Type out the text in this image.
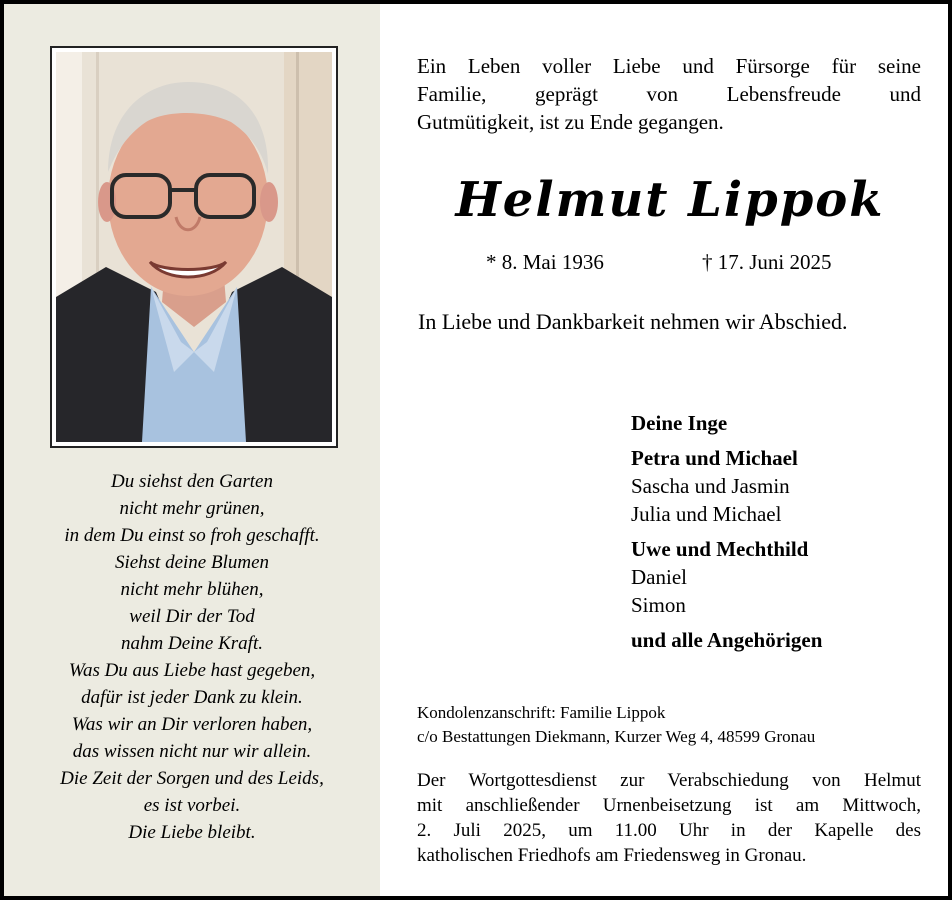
Du siehst den Garten
nicht mehr grünen,
in dem Du einst so froh geschafft.
Siehst deine Blumen
nicht mehr blühen,
weil Dir der Tod
nahm Deine Kraft.
Was Du aus Liebe hast gegeben,
dafür ist jeder Dank zu klein.
Was wir an Dir verloren haben,
das wissen nicht nur wir allein.
Die Zeit der Sorgen und des Leids,
es ist vorbei.
Die Liebe bleibt.
Ein Leben voller Liebe und Fürsorge für seine
Familie, geprägt von Lebensfreude und
Gutmütigkeit, ist zu Ende gegangen.
Helmut Lippok
* 8. Mai 1936	† 17. Juni 2025
In Liebe und Dankbarkeit nehmen wir Abschied.
Deine Inge
Petra und Michael
Sascha und Jasmin
Julia und Michael
Uwe und Mechthild
Daniel
Simon
und alle Angehörigen
Kondolenzanschrift: Familie Lippok
c/o Bestattungen Diekmann, Kurzer Weg 4, 48599 Gronau
Der Wortgottesdienst zur Verabschiedung von Helmut
mit anschließender Urnenbeisetzung ist am Mittwoch,
2. Juli 2025, um 11.00 Uhr in der Kapelle des
katholischen Friedhofs am Friedensweg in Gronau.
